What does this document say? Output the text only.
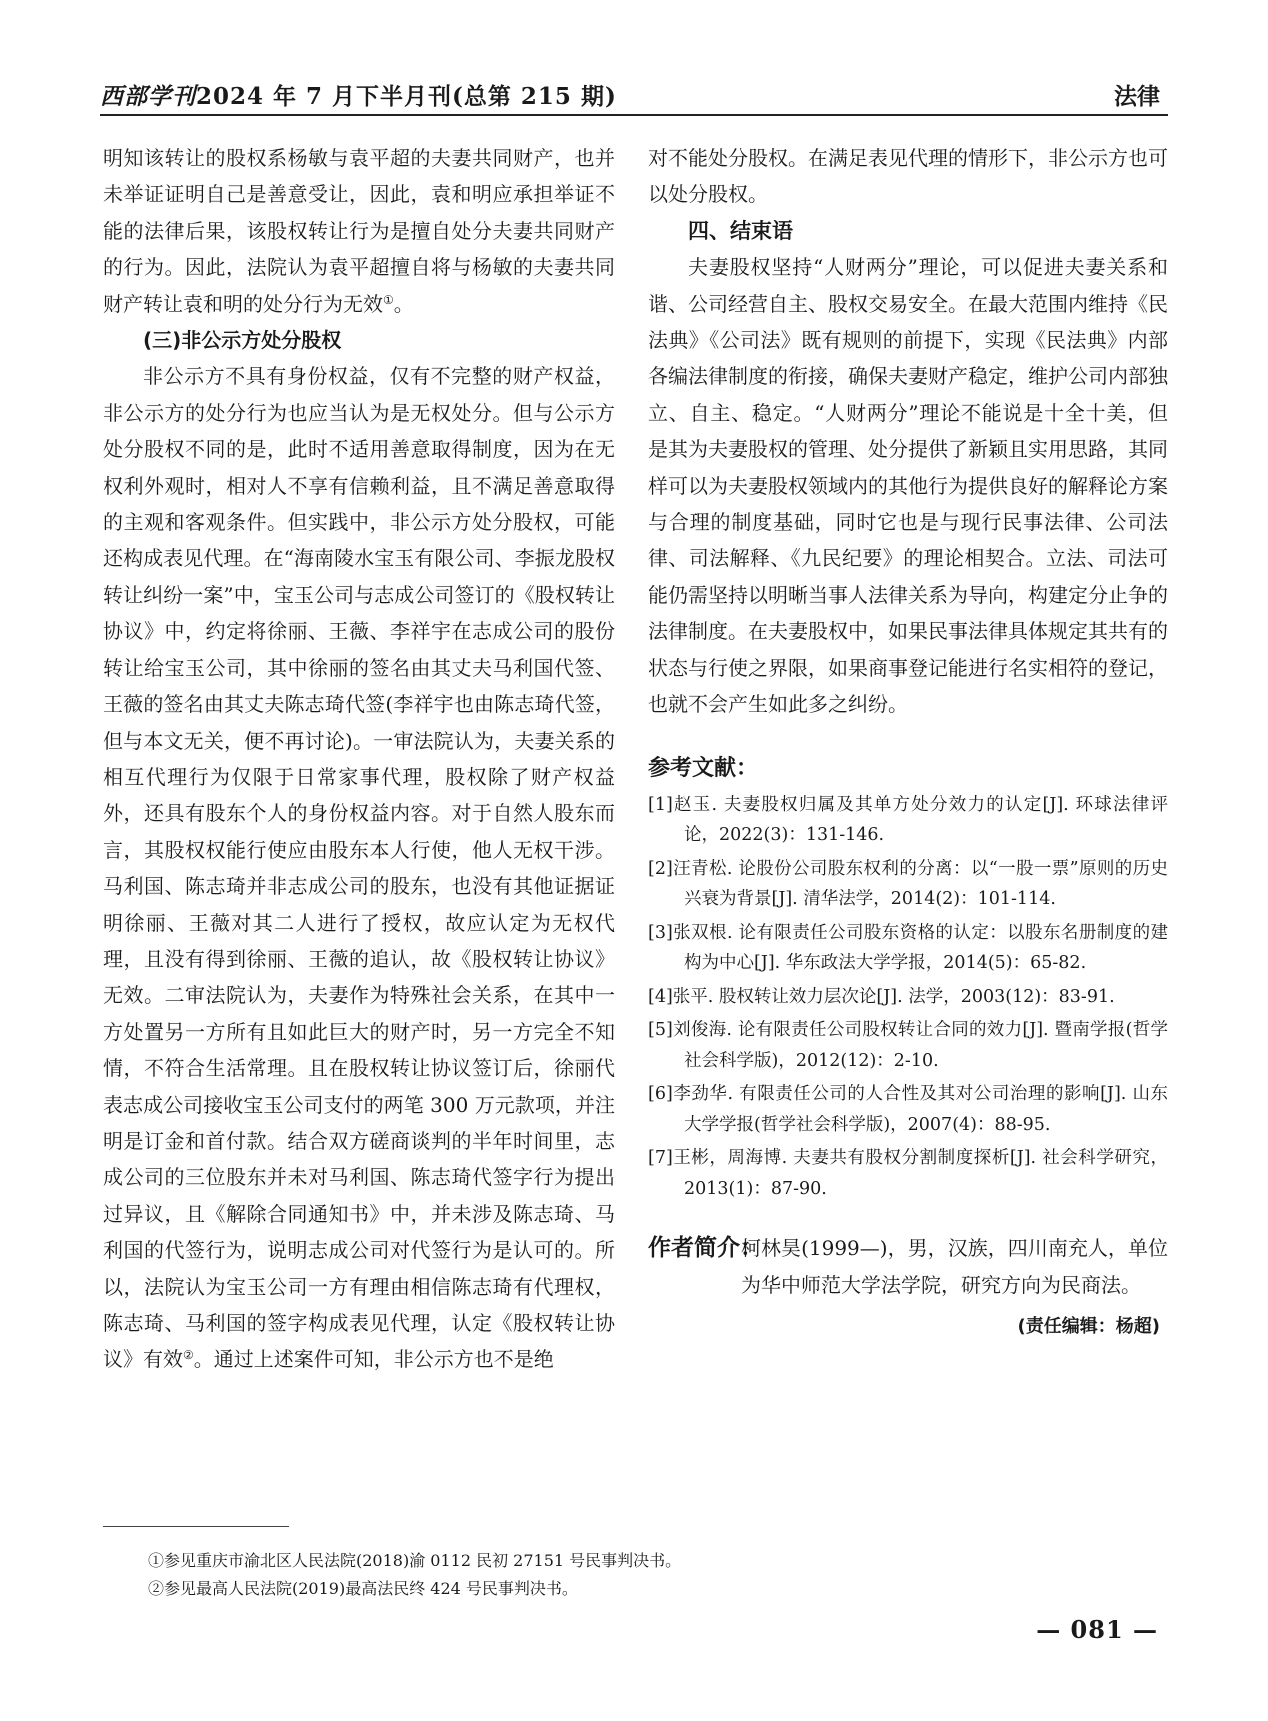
西部学刊2024 年 7 月下半月刊(总第 215 期)	法律

明知该转让的股权系杨敏与袁平超的夫妻共同财产，也并未举证证明自己是善意受让，因此，袁和明应承担举证不能的法律后果，该股权转让行为是擅自处分夫妻共同财产的行为。因此，法院认为袁平超擅自将与杨敏的夫妻共同财产转让袁和明的处分行为无效①。

(三)非公示方处分股权

非公示方不具有身份权益，仅有不完整的财产权益，非公示方的处分行为也应当认为是无权处分。但与公示方处分股权不同的是，此时不适用善意取得制度，因为在无权利外观时，相对人不享有信赖利益，且不满足善意取得的主观和客观条件。但实践中，非公示方处分股权，可能还构成表见代理。在“海南陵水宝玉有限公司、李振龙股权转让纠纷一案”中，宝玉公司与志成公司签订的《股权转让协议》中，约定将徐丽、王薇、李祥宇在志成公司的股份转让给宝玉公司，其中徐丽的签名由其丈夫马利国代签、王薇的签名由其丈夫陈志琦代签(李祥宇也由陈志琦代签，但与本文无关，便不再讨论)。一审法院认为，夫妻关系的相互代理行为仅限于日常家事代理，股权除了财产权益外，还具有股东个人的身份权益内容。对于自然人股东而言，其股权权能行使应由股东本人行使，他人无权干涉。马利国、陈志琦并非志成公司的股东，也没有其他证据证明徐丽、王薇对其二人进行了授权，故应认定为无权代理，且没有得到徐丽、王薇的追认，故《股权转让协议》无效。二审法院认为，夫妻作为特殊社会关系，在其中一方处置另一方所有且如此巨大的财产时，另一方完全不知情，不符合生活常理。且在股权转让协议签订后，徐丽代表志成公司接收宝玉公司支付的两笔 300 万元款项，并注明是订金和首付款。结合双方磋商谈判的半年时间里，志成公司的三位股东并未对马利国、陈志琦代签字行为提出过异议，且《解除合同通知书》中，并未涉及陈志琦、马利国的代签行为，说明志成公司对代签行为是认可的。所以，法院认为宝玉公司一方有理由相信陈志琦有代理权，陈志琦、马利国的签字构成表见代理，认定《股权转让协议》有效②。通过上述案件可知，非公示方也不是绝

对不能处分股权。在满足表见代理的情形下，非公示方也可以处分股权。

四、结束语

夫妻股权坚持“人财两分”理论，可以促进夫妻关系和谐、公司经营自主、股权交易安全。在最大范围内维持《民法典》《公司法》既有规则的前提下，实现《民法典》内部各编法律制度的衔接，确保夫妻财产稳定，维护公司内部独立、自主、稳定。“人财两分”理论不能说是十全十美，但是其为夫妻股权的管理、处分提供了新颖且实用思路，其同样可以为夫妻股权领域内的其他行为提供良好的解释论方案与合理的制度基础，同时它也是与现行民事法律、公司法律、司法解释、《九民纪要》的理论相契合。立法、司法可能仍需坚持以明晰当事人法律关系为导向，构建定分止争的法律制度。在夫妻股权中，如果民事法律具体规定其共有的状态与行使之界限，如果商事登记能进行名实相符的登记，也就不会产生如此多之纠纷。

参考文献：

[1]赵玉. 夫妻股权归属及其单方处分效力的认定[J]. 环球法律评论，2022(3)：131-146.

[2]汪青松. 论股份公司股东权利的分离：以“一股一票”原则的历史兴衰为背景[J]. 清华法学，2014(2)：101-114.

[3]张双根. 论有限责任公司股东资格的认定：以股东名册制度的建构为中心[J]. 华东政法大学学报，2014(5)：65-82.

[4]张平. 股权转让效力层次论[J]. 法学，2003(12)：83-91.

[5]刘俊海. 论有限责任公司股权转让合同的效力[J]. 暨南学报(哲学社会科学版)，2012(12)：2-10.

[6]李劲华. 有限责任公司的人合性及其对公司治理的影响[J]. 山东大学学报(哲学社会科学版)，2007(4)：88-95.

[7]王彬，周海博. 夫妻共有股权分割制度探析[J]. 社会科学研究，2013(1)：87-90.

作者简介：
柯林昊(1999—)，男，汉族，四川南充人，单位为华中师范大学法学院，研究方向为民商法。
(责任编辑：杨超)

①参见重庆市渝北区人民法院(2018)渝 0112 民初 27151 号民事判决书。

②参见最高人民法院(2019)最高法民终 424 号民事判决书。

— 081 —
